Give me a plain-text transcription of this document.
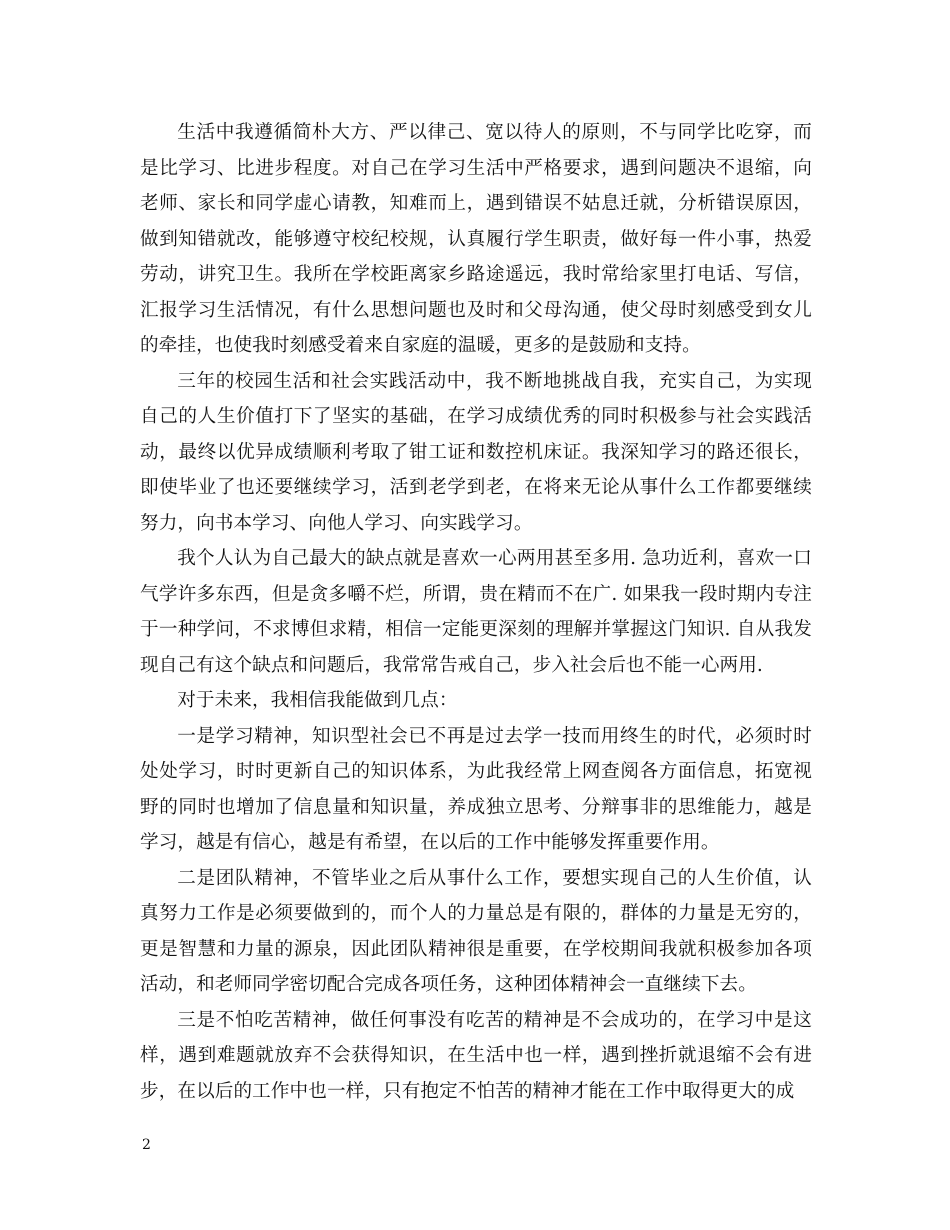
生活中我遵循简朴大方、严以律己、宽以待人的原则，不与同学比吃穿，而是比学习、比进步程度。对自己在学习生活中严格要求，遇到问题决不退缩，向老师、家长和同学虚心请教，知难而上，遇到错误不姑息迁就，分析错误原因，做到知错就改，能够遵守校纪校规，认真履行学生职责，做好每一件小事，热爱劳动，讲究卫生。我所在学校距离家乡路途遥远，我时常给家里打电话、写信，汇报学习生活情况，有什么思想问题也及时和父母沟通，使父母时刻感受到女儿的牵挂，也使我时刻感受着来自家庭的温暖，更多的是鼓励和支持。

三年的校园生活和社会实践活动中，我不断地挑战自我，充实自己，为实现自己的人生价值打下了坚实的基础，在学习成绩优秀的同时积极参与社会实践活动，最终以优异成绩顺利考取了钳工证和数控机床证。我深知学习的路还很长，即使毕业了也还要继续学习，活到老学到老，在将来无论从事什么工作都要继续努力，向书本学习、向他人学习、向实践学习。

我个人认为自己最大的缺点就是喜欢一心两用甚至多用. 急功近利，喜欢一口气学许多东西，但是贪多嚼不烂，所谓，贵在精而不在广. 如果我一段时期内专注于一种学问，不求博但求精，相信一定能更深刻的理解并掌握这门知识. 自从我发现自己有这个缺点和问题后，我常常告戒自己，步入社会后也不能一心两用.

对于未来，我相信我能做到几点：

一是学习精神，知识型社会已不再是过去学一技而用终生的时代，必须时时处处学习，时时更新自己的知识体系，为此我经常上网查阅各方面信息，拓宽视野的同时也增加了信息量和知识量，养成独立思考、分辩事非的思维能力，越是学习，越是有信心，越是有希望，在以后的工作中能够发挥重要作用。

二是团队精神，不管毕业之后从事什么工作，要想实现自己的人生价值，认真努力工作是必须要做到的，而个人的力量总是有限的，群体的力量是无穷的，更是智慧和力量的源泉，因此团队精神很是重要，在学校期间我就积极参加各项活动，和老师同学密切配合完成各项任务，这种团体精神会一直继续下去。

三是不怕吃苦精神，做任何事没有吃苦的精神是不会成功的，在学习中是这样，遇到难题就放弃不会获得知识，在生活中也一样，遇到挫折就退缩不会有进步，在以后的工作中也一样，只有抱定不怕苦的精神才能在工作中取得更大的成

2
